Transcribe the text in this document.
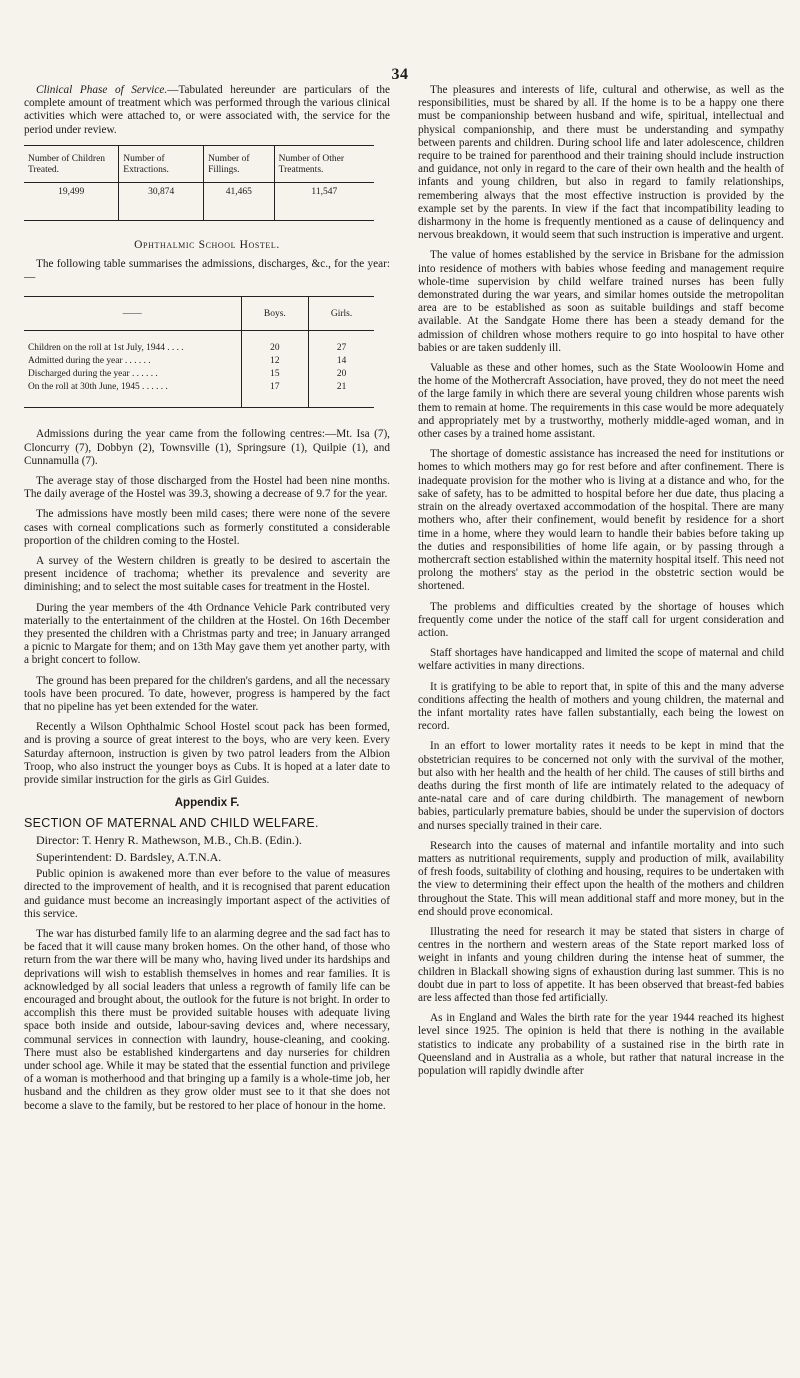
34

Clinical Phase of Service.—Tabulated hereunder are particulars of the complete amount of treatment which was performed through the various clinical activities which were attached to, or were associated with, the service for the period under review.

Number of Children Treated.	Number of Extractions.	Number of Fillings.	Number of Other Treatments.
19,499	30,874	41,465	11,547
Ophthalmic School Hostel.

The following table summarises the admissions, discharges, &c., for the year:—

——	Boys.	Girls.
Children on the roll at 1st July, 1944 . . . .	20	27
Admitted during the year . . . . . .	12	14
Discharged during the year . . . . . .	15	20
On the roll at 30th June, 1945 . . . . . .	17	21

Admissions during the year came from the following centres:—Mt. Isa (7), Cloncurry (7), Dobbyn (2), Townsville (1), Springsure (1), Quilpie (1), and Cunnamulla (7).

The average stay of those discharged from the Hostel had been nine months. The daily average of the Hostel was 39.3, showing a decrease of 9.7 for the year.

The admissions have mostly been mild cases; there were none of the severe cases with corneal complications such as formerly constituted a considerable proportion of the children coming to the Hostel.

A survey of the Western children is greatly to be desired to ascertain the present incidence of trachoma; whether its prevalence and severity are diminishing; and to select the most suitable cases for treatment in the Hostel.

During the year members of the 4th Ordnance Vehicle Park contributed very materially to the entertainment of the children at the Hostel. On 16th December they presented the children with a Christmas party and tree; in January arranged a picnic to Margate for them; and on 13th May gave them yet another party, with a bright concert to follow.

The ground has been prepared for the children's gardens, and all the necessary tools have been procured. To date, however, progress is hampered by the fact that no pipeline has yet been extended for the water.

Recently a Wilson Ophthalmic School Hostel scout pack has been formed, and is proving a source of great interest to the boys, who are very keen. Every Saturday afternoon, instruction is given by two patrol leaders from the Albion Troop, who also instruct the younger boys as Cubs. It is hoped at a later date to provide similar instruction for the girls as Girl Guides.

Appendix F.
SECTION OF MATERNAL AND CHILD WELFARE.
Director: T. Henry R. Mathewson, M.B., Ch.B. (Edin.).
Superintendent: D. Bardsley, A.T.N.A.

Public opinion is awakened more than ever before to the value of measures directed to the improvement of health, and it is recognised that parent education and guidance must become an increasingly important aspect of the activities of this service.

The war has disturbed family life to an alarming degree and the sad fact has to be faced that it will cause many broken homes. On the other hand, of those who return from the war there will be many who, having lived under its hardships and deprivations will wish to establish themselves in homes and rear families. It is acknowledged by all social leaders that unless a regrowth of family life can be encouraged and brought about, the outlook for the future is not bright. In order to accomplish this there must be provided suitable houses with adequate living space both inside and outside, labour-saving devices and, where necessary, communal services in connection with laundry, house-cleaning, and cooking. There must also be established kindergartens and day nurseries for children under school age. While it may be stated that the essential function and privilege of a woman is motherhood and that bringing up a family is a whole-time job, her husband and the children as they grow older must see to it that she does not become a slave to the family, but be restored to her place of honour in the home.

The pleasures and interests of life, cultural and otherwise, as well as the responsibilities, must be shared by all. If the home is to be a happy one there must be companionship between husband and wife, spiritual, intellectual and physical companionship, and there must be understanding and sympathy between parents and children. During school life and later adolescence, children require to be trained for parenthood and their training should include instruction and guidance, not only in regard to the care of their own health and the health of infants and young children, but also in regard to family relationships, remembering always that the most effective instruction is provided by the example set by the parents. In view if the fact that incompatibility leading to disharmony in the home is frequently mentioned as a cause of delinquency and nervous breakdown, it would seem that such instruction is imperative and urgent.

The value of homes established by the service in Brisbane for the admission into residence of mothers with babies whose feeding and management require whole-time supervision by child welfare trained nurses has been fully demonstrated during the war years, and similar homes outside the metropolitan area are to be established as soon as suitable buildings and staff become available. At the Sandgate Home there has been a steady demand for the admission of children whose mothers require to go into hospital to have other babies or are taken suddenly ill.

Valuable as these and other homes, such as the State Wooloowin Home and the home of the Mothercraft Association, have proved, they do not meet the need of the large family in which there are several young children whose parents wish them to remain at home. The requirements in this case would be more adequately and appropriately met by a trustworthy, motherly middle-aged woman, and in other cases by a trained home assistant.

The shortage of domestic assistance has increased the need for institutions or homes to which mothers may go for rest before and after confinement. There is inadequate provision for the mother who is living at a distance and who, for the sake of safety, has to be admitted to hospital before her due date, thus placing a strain on the already overtaxed accommodation of the hospital. There are many mothers who, after their confinement, would benefit by residence for a short time in a home, where they would learn to handle their babies before taking up the duties and responsibilities of home life again, or by passing through a mothercraft section established within the maternity hospital itself. This need not prolong the mothers' stay as the period in the obstetric section would be shortened.

The problems and difficulties created by the shortage of houses which frequently come under the notice of the staff call for urgent consideration and action.

Staff shortages have handicapped and limited the scope of maternal and child welfare activities in many directions.

It is gratifying to be able to report that, in spite of this and the many adverse conditions affecting the health of mothers and young children, the maternal and the infant mortality rates have fallen substantially, each being the lowest on record.

In an effort to lower mortality rates it needs to be kept in mind that the obstetrician requires to be concerned not only with the survival of the mother, but also with her health and the health of her child. The causes of still births and deaths during the first month of life are intimately related to the adequacy of ante-natal care and of care during childbirth. The management of newborn babies, particularly premature babies, should be under the supervision of doctors and nurses specially trained in their care.

Research into the causes of maternal and infantile mortality and into such matters as nutritional requirements, supply and production of milk, availability of fresh foods, suitability of clothing and housing, requires to be undertaken with the view to determining their effect upon the health of the mothers and children throughout the State. This will mean additional staff and more money, but in the end should prove economical.

Illustrating the need for research it may be stated that sisters in charge of centres in the northern and western areas of the State report marked loss of weight in infants and young children during the intense heat of summer, the children in Blackall showing signs of exhaustion during last summer. This is no doubt due in part to loss of appetite. It has been observed that breast-fed babies are less affected than those fed artificially.

As in England and Wales the birth rate for the year 1944 reached its highest level since 1925. The opinion is held that there is nothing in the available statistics to indicate any probability of a sustained rise in the birth rate in Queensland and in Australia as a whole, but rather that natural increase in the population will rapidly dwindle after
